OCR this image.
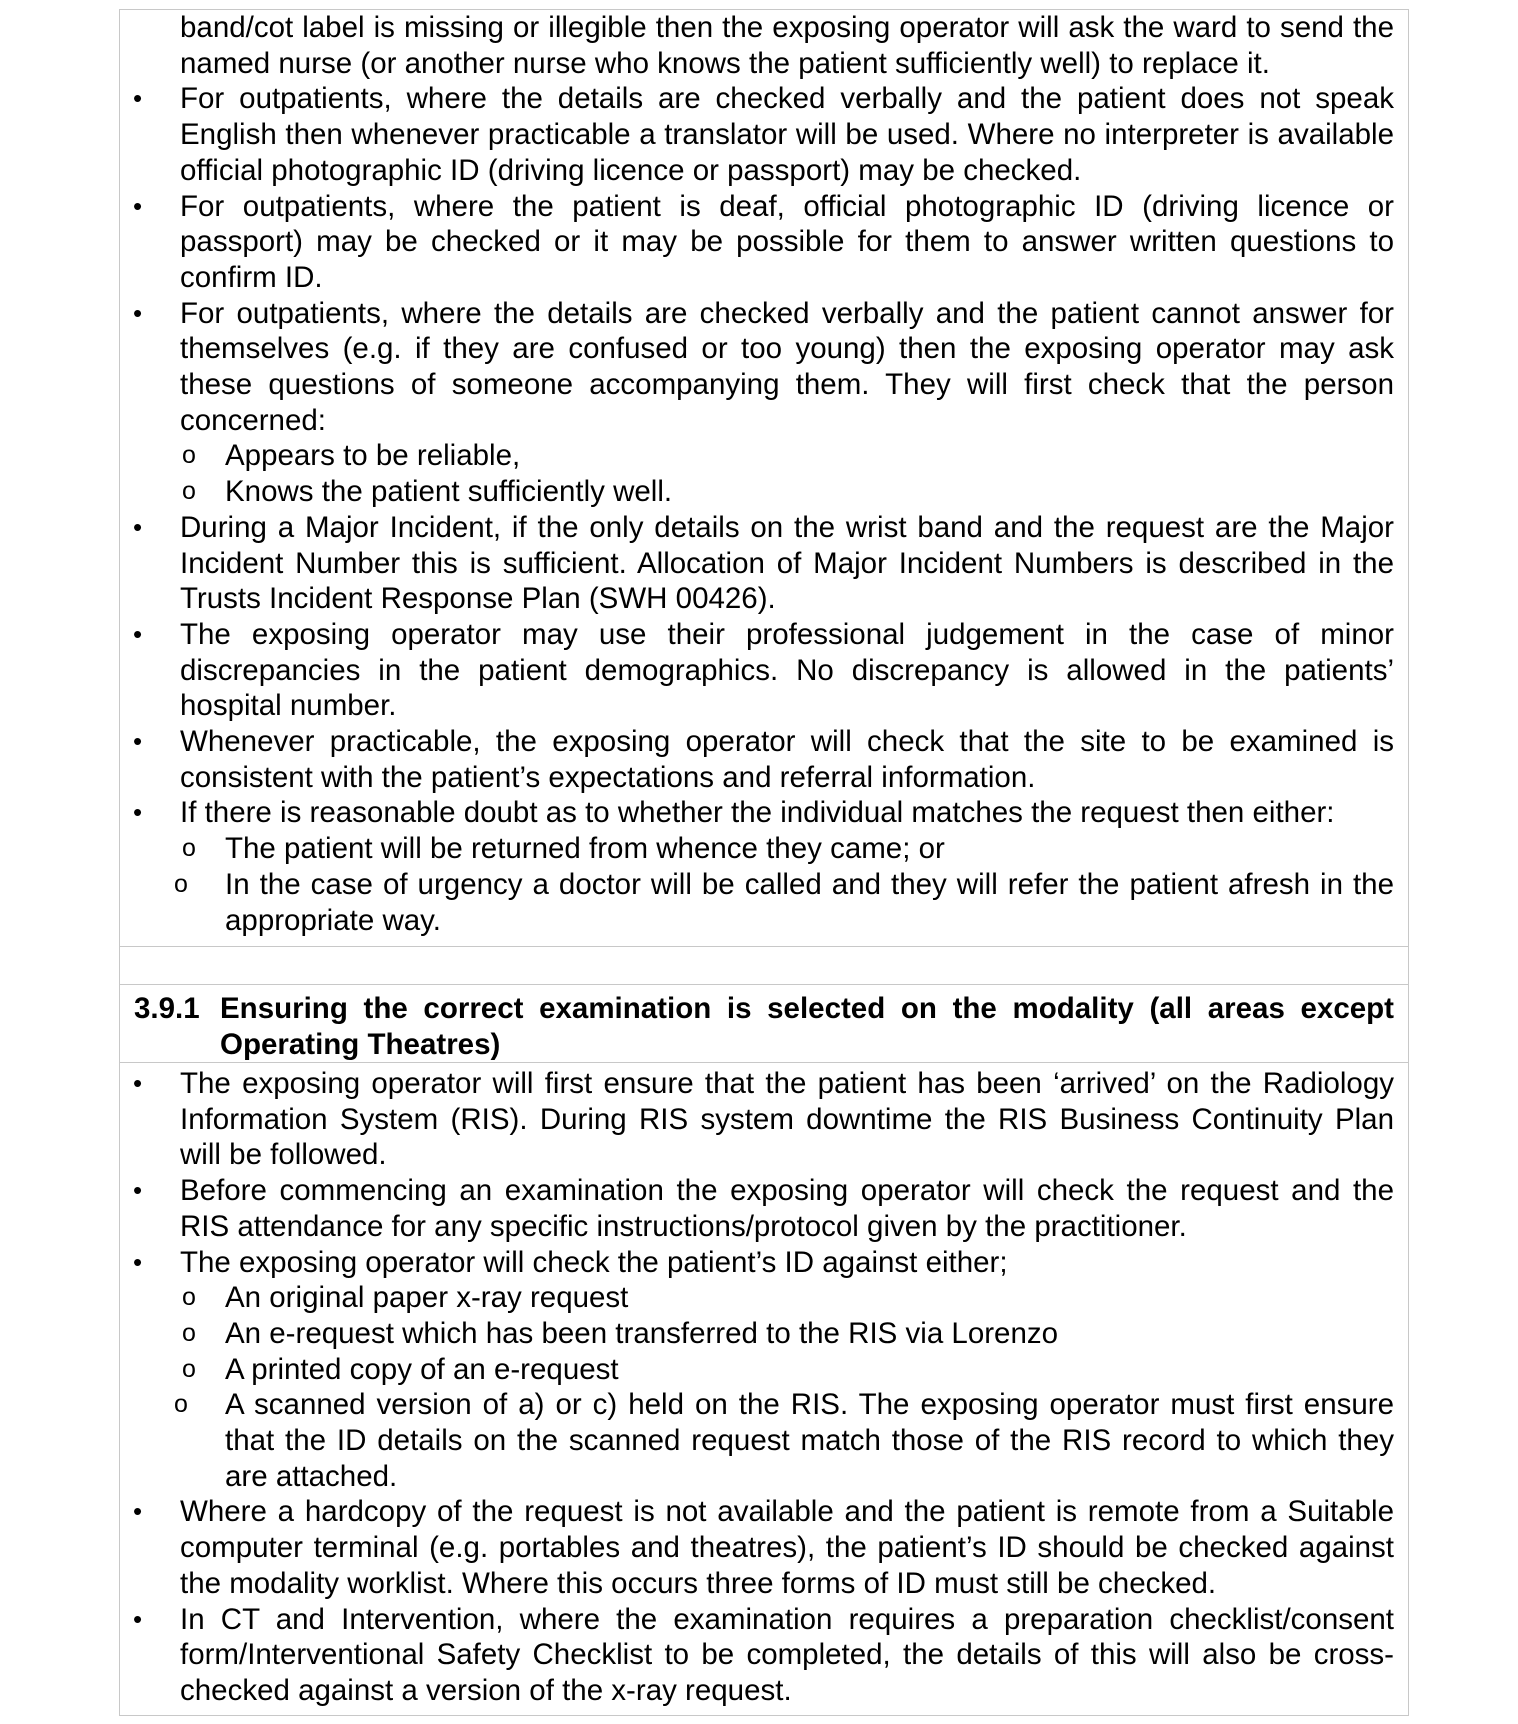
band/cot label is missing or illegible then the exposing operator will ask the ward to send the named nurse (or another nurse who knows the patient sufficiently well) to replace it.
•	For outpatients, where the details are checked verbally and the patient does not speak English then whenever practicable a translator will be used. Where no interpreter is available official photographic ID (driving licence or passport) may be checked.
•	For outpatients, where the patient is deaf, official photographic ID (driving licence or passport) may be checked or it may be possible for them to answer written questions to confirm ID.
•	For outpatients, where the details are checked verbally and the patient cannot answer for themselves (e.g. if they are confused or too young) then the exposing operator may ask these questions of someone accompanying them. They will first check that the person concerned:
o Appears to be reliable,
o Knows the patient sufficiently well.
•	During a Major Incident, if the only details on the wrist band and the request are the Major Incident Number this is sufficient. Allocation of Major Incident Numbers is described in the Trusts Incident Response Plan (SWH 00426).
•	The exposing operator may use their professional judgement in the case of minor discrepancies in the patient demographics. No discrepancy is allowed in the patients’ hospital number.
•	Whenever practicable, the exposing operator will check that the site to be examined is consistent with the patient’s expectations and referral information.
•	If there is reasonable doubt as to whether the individual matches the request then either:
o The patient will be returned from whence they came; or
o	In the case of urgency a doctor will be called and they will refer the patient afresh in the appropriate way.
3.9.1 Ensuring the correct examination is selected on the modality (all areas except Operating Theatres)
•	The exposing operator will first ensure that the patient has been ‘arrived’ on the Radiology Information System (RIS). During RIS system downtime the RIS Business Continuity Plan will be followed.
•	Before commencing an examination the exposing operator will check the request and the RIS attendance for any specific instructions/protocol given by the practitioner.
•	The exposing operator will check the patient’s ID against either;
o An original paper x-ray request
o An e-request which has been transferred to the RIS via Lorenzo
o A printed copy of an e-request
o	A scanned version of a) or c) held on the RIS. The exposing operator must first ensure that the ID details on the scanned request match those of the RIS record to which they are attached.
•	Where a hardcopy of the request is not available and the patient is remote from a Suitable computer terminal (e.g. portables and theatres), the patient’s ID should be checked against the modality worklist. Where this occurs three forms of ID must still be checked.
•	In CT and Intervention, where the examination requires a preparation checklist/consent form/Interventional Safety Checklist to be completed, the details of this will also be cross-checked against a version of the x-ray request.
